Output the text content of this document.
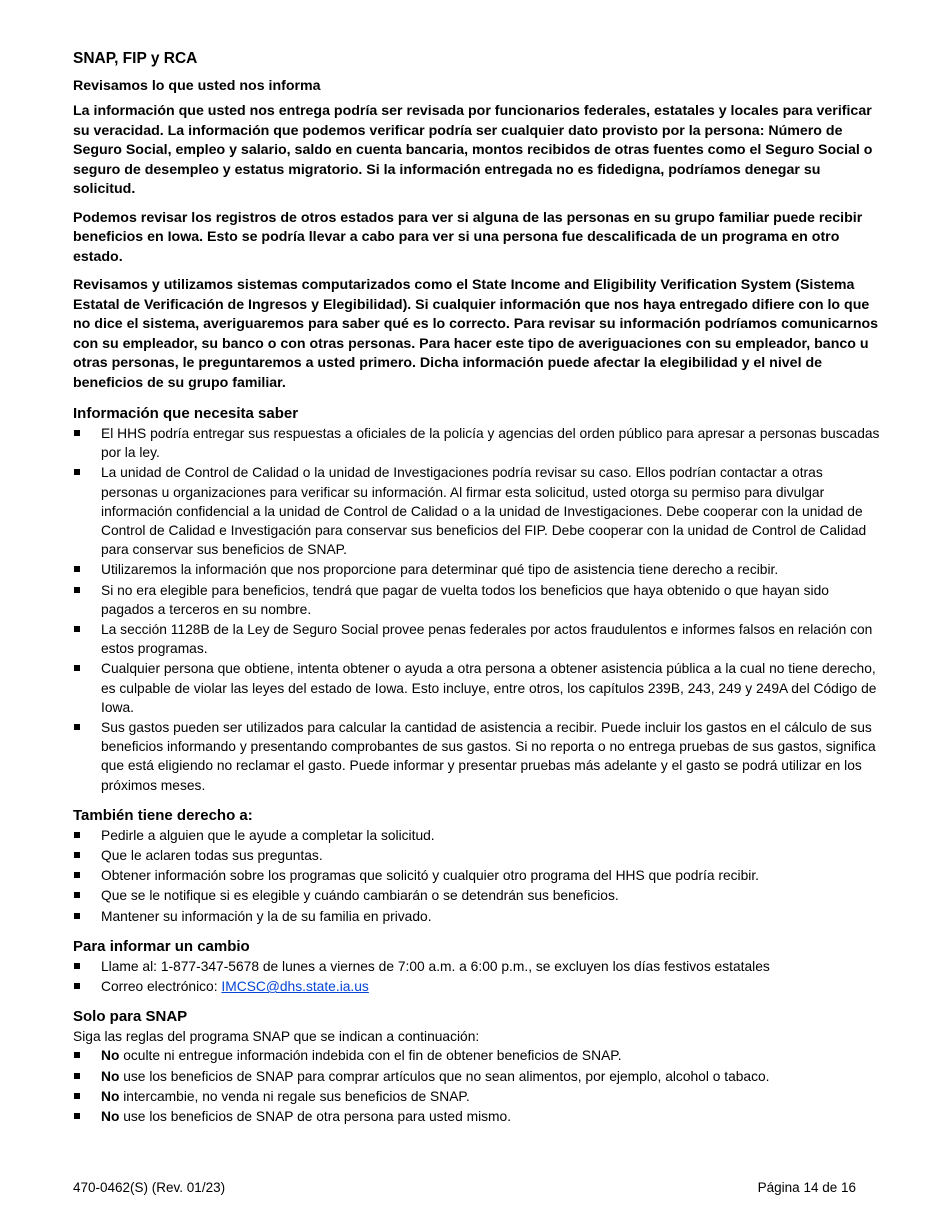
SNAP, FIP y RCA
Revisamos lo que usted nos informa

La información que usted nos entrega podría ser revisada por funcionarios federales, estatales y locales para verificar su veracidad. La información que podemos verificar podría ser cualquier dato provisto por la persona: Número de Seguro Social, empleo y salario, saldo en cuenta bancaria, montos recibidos de otras fuentes como el Seguro Social o seguro de desempleo y estatus migratorio. Si la información entregada no es fidedigna, podríamos denegar su solicitud.

Podemos revisar los registros de otros estados para ver si alguna de las personas en su grupo familiar puede recibir beneficios en Iowa. Esto se podría llevar a cabo para ver si una persona fue descalificada de un programa en otro estado.

Revisamos y utilizamos sistemas computarizados como el State Income and Eligibility Verification System (Sistema Estatal de Verificación de Ingresos y Elegibilidad). Si cualquier información que nos haya entregado difiere con lo que no dice el sistema, averiguaremos para saber qué es lo correcto. Para revisar su información podríamos comunicarnos con su empleador, su banco o con otras personas. Para hacer este tipo de averiguaciones con su empleador, banco u otras personas, le preguntaremos a usted primero. Dicha información puede afectar la elegibilidad y el nivel de beneficios de su grupo familiar.

Información que necesita saber
El HHS podría entregar sus respuestas a oficiales de la policía y agencias del orden público para apresar a personas buscadas por la ley.
La unidad de Control de Calidad o la unidad de Investigaciones podría revisar su caso. Ellos podrían contactar a otras personas u organizaciones para verificar su información. Al firmar esta solicitud, usted otorga su permiso para divulgar información confidencial a la unidad de Control de Calidad o a la unidad de Investigaciones. Debe cooperar con la unidad de Control de Calidad e Investigación para conservar sus beneficios del FIP. Debe cooperar con la unidad de Control de Calidad para conservar sus beneficios de SNAP.
Utilizaremos la información que nos proporcione para determinar qué tipo de asistencia tiene derecho a recibir.
Si no era elegible para beneficios, tendrá que pagar de vuelta todos los beneficios que haya obtenido o que hayan sido pagados a terceros en su nombre.
La sección 1128B de la Ley de Seguro Social provee penas federales por actos fraudulentos e informes falsos en relación con estos programas.
Cualquier persona que obtiene, intenta obtener o ayuda a otra persona a obtener asistencia pública a la cual no tiene derecho, es culpable de violar las leyes del estado de Iowa. Esto incluye, entre otros, los capítulos 239B, 243, 249 y 249A del Código de Iowa.
Sus gastos pueden ser utilizados para calcular la cantidad de asistencia a recibir. Puede incluir los gastos en el cálculo de sus beneficios informando y presentando comprobantes de sus gastos. Si no reporta o no entrega pruebas de sus gastos, significa que está eligiendo no reclamar el gasto. Puede informar y presentar pruebas más adelante y el gasto se podrá utilizar en los próximos meses.
También tiene derecho a:
Pedirle a alguien que le ayude a completar la solicitud.
Que le aclaren todas sus preguntas.
Obtener información sobre los programas que solicitó y cualquier otro programa del HHS que podría recibir.
Que se le notifique si es elegible y cuándo cambiarán o se detendrán sus beneficios.
Mantener su información y la de su familia en privado.
Para informar un cambio
Llame al: 1-877-347-5678 de lunes a viernes de 7:00 a.m. a 6:00 p.m., se excluyen los días festivos estatales
Correo electrónico: IMCSC@dhs.state.ia.us
Solo para SNAP

Siga las reglas del programa SNAP que se indican a continuación:

No oculte ni entregue información indebida con el fin de obtener beneficios de SNAP.
No use los beneficios de SNAP para comprar artículos que no sean alimentos, por ejemplo, alcohol o tabaco.
No intercambie, no venda ni regale sus beneficios de SNAP.
No use los beneficios de SNAP de otra persona para usted mismo.
470-0462(S) (Rev. 01/23)	Página 14 de 16
